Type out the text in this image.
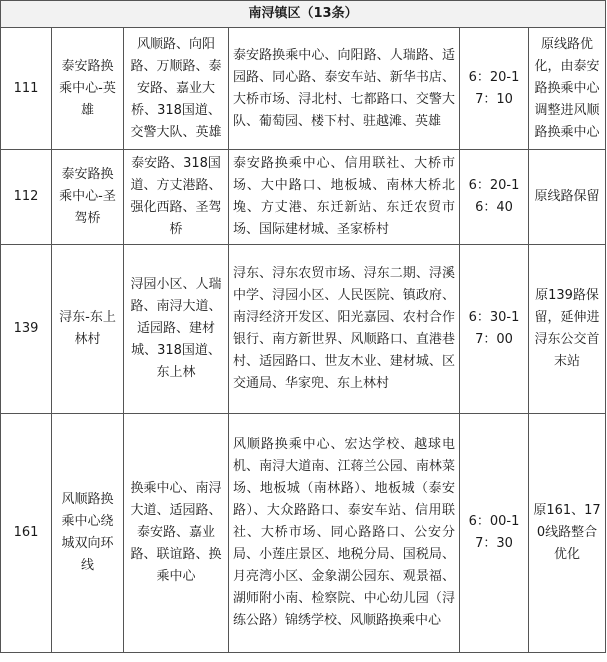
南浔镇区（13条）					
111	泰安路换乘中心-英雄	风顺路、向阳路、万顺路、泰安路、嘉业大桥、318国道、交警大队、英雄	泰安路换乘中心、向阳路、人瑞路、适园路、同心路、泰安车站、新华书店、大桥市场、浔北村、七都路口、交警大队、葡萄园、楼下村、驻越滩、英雄	6：20-17：10	原线路优化，由泰安路换乘中心调整进风顺路换乘中心
112	泰安路换乘中心-圣驾桥	泰安路、318国道、方丈港路、强化西路、圣驾桥	泰安路换乘中心、信用联社、大桥市场、大中路口、地板城、南林大桥北堍、方丈港、东迁新站、东迁农贸市场、国际建材城、圣家桥村	6：20-16：40	原线路保留
139	浔东-东上林村	浔园小区、人瑞路、南浔大道、适园路、建材城、318国道、东上林	浔东、浔东农贸市场、浔东二期、浔溪中学、浔园小区、人民医院、镇政府、南浔经济开发区、阳光嘉园、农村合作银行、南方新世界、风顺路口、直港巷村、适园路口、世友木业、建材城、区交通局、华家兜、东上林村	6：30-17：00	原139路保留，延伸进浔东公交首末站
161	风顺路换乘中心绕城双向环线	换乘中心、南浔大道、适园路、泰安路、嘉业路、联谊路、换乘中心	风顺路换乘中心、宏达学校、越球电机、南浔大道南、江蒋兰公园、南林菜场、地板城（南林路）、地板城（泰安路）、大众路路口、泰安车站、信用联社、大桥市场、同心路路口、公安分局、小莲庄景区、地税分局、国税局、月亮湾小区、金象湖公园东、观景福、湖师附小南、检察院、中心幼儿园（浔练公路）锦绣学校、风顺路换乘中心	6：00-17：30	原161、170线路整合优化
